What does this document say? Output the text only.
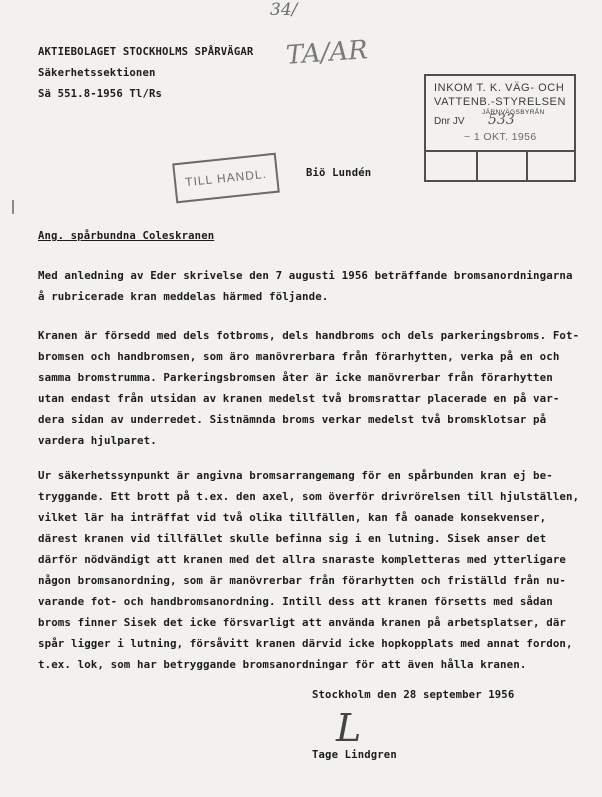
34/
AKTIEBOLAGET STOCKHOLMS SPÅRVÄGAR
Säkerhetssektionen
Sä 551.8-1956 Tl/Rs
TA/AR
INKOM T. K. VÄG- OCH
VATTENB.-STYRELSEN
JÄRNVÄGSBYRÅN
Dnr JV 533
~ 1 OKT. 1956
TILL HANDL.	Biö Lundén
Ang. spårbundna Coleskranen
Med anledning av Eder skrivelse den 7 augusti 1956 beträffande bromsanordningarna
å rubricerade kran meddelas härmed följande.
Kranen är försedd med dels fotbroms, dels handbroms och dels parkeringsbroms. Fot-
bromsen och handbromsen, som äro manövrerbara från förarhytten, verka på en och
samma bromstrumma. Parkeringsbromsen åter är icke manövrerbar från förarhytten
utan endast från utsidan av kranen medelst två bromsrattar placerade en på var-
dera sidan av underredet. Sistnämnda broms verkar medelst två bromsklotsar på
vardera hjulparet.
Ur säkerhetssynpunkt är angivna bromsarrangemang för en spårbunden kran ej be-
tryggande. Ett brott på t.ex. den axel, som överför drivrörelsen till hjulställen,
vilket lär ha inträffat vid två olika tillfällen, kan få oanade konsekvenser,
därest kranen vid tillfället skulle befinna sig i en lutning. Sisek anser det
därför nödvändigt att kranen med det allra snaraste kompletteras med ytterligare
någon bromsanordning, som är manövrerbar från förarhytten och friställd från nu-
varande fot- och handbromsanordning. Intill dess att kranen försetts med sådan
broms finner Sisek det icke försvarligt att använda kranen på arbetsplatser, där
spår ligger i lutning, försåvitt kranen därvid icke hopkopplats med annat fordon,
t.ex. lok, som har betryggande bromsanordningar för att även hålla kranen.
Stockholm den 28 september 1956
L
Tage Lindgren
